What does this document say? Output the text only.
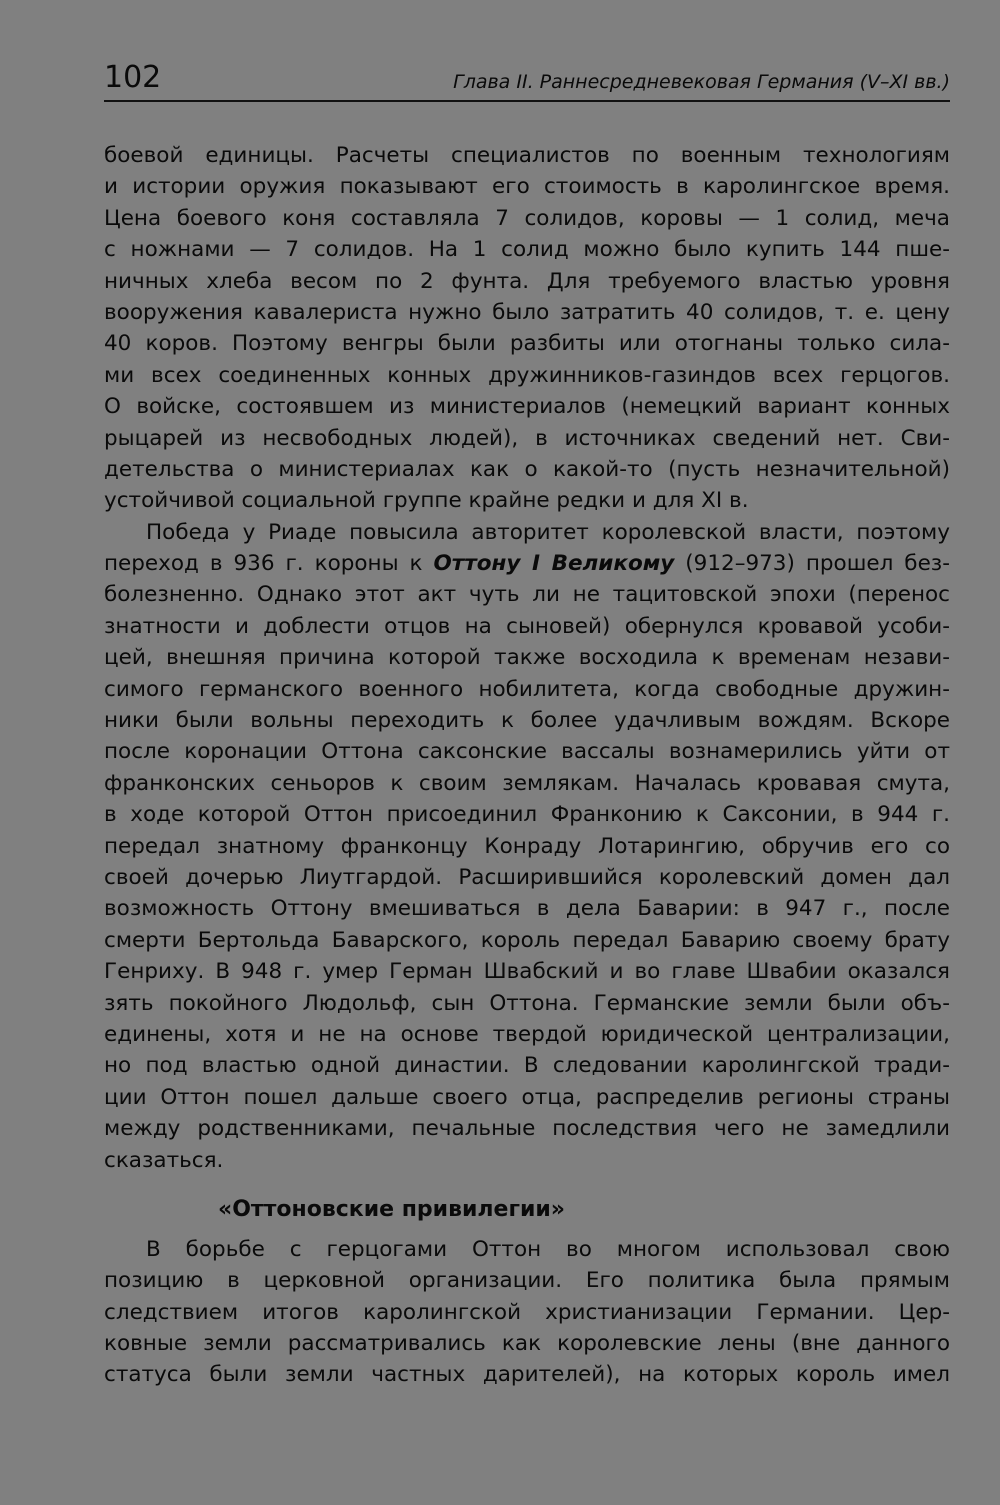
102	Глава II. Раннесредневековая Германия (V–XI вв.)
боевой единицы. Расчеты специалистов по военным технологиям
и истории оружия показывают его стоимость в каролингское время.
Цена боевого коня составляла 7 солидов, коровы — 1 солид, меча
с ножнами — 7 солидов. На 1 солид можно было купить 144 пше-
ничных хлеба весом по 2 фунта. Для требуемого властью уровня
вооружения кавалериста нужно было затратить 40 солидов, т. е. цену
40 коров. Поэтому венгры были разбиты или отогнаны только сила-
ми всех соединенных конных дружинников-газиндов всех герцогов.
О войске, состоявшем из министериалов (немецкий вариант конных
рыцарей из несвободных людей), в источниках сведений нет. Сви-
детельства о министериалах как о какой-то (пусть незначительной)
устойчивой социальной группе крайне редки и для XI в.
Победа у Риаде повысила авторитет королевской власти, поэтому
переход в 936 г. короны к Оттону I Великому (912–973) прошел без-
болезненно. Однако этот акт чуть ли не тацитовской эпохи (перенос
знатности и доблести отцов на сыновей) обернулся кровавой усоби-
цей, внешняя причина которой также восходила к временам незави-
симого германского военного нобилитета, когда свободные дружин-
ники были вольны переходить к более удачливым вождям. Вскоре
после коронации Оттона саксонские вассалы вознамерились уйти от
франконских сеньоров к своим землякам. Началась кровавая смута,
в ходе которой Оттон присоединил Франконию к Саксонии, в 944 г.
передал знатному франконцу Конраду Лотарингию, обручив его со
своей дочерью Лиутгардой. Расширившийся королевский домен дал
возможность Оттону вмешиваться в дела Баварии: в 947 г., после
смерти Бертольда Баварского, король передал Баварию своему брату
Генриху. В 948 г. умер Герман Швабский и во главе Швабии оказался
зять покойного Людольф, сын Оттона. Германские земли были объ-
единены, хотя и не на основе твердой юридической централизации,
но под властью одной династии. В следовании каролингской тради-
ции Оттон пошел дальше своего отца, распределив регионы страны
между родственниками, печальные последствия чего не замедлили
сказаться.
«Оттоновские привилегии»
В борьбе с герцогами Оттон во многом использовал свою
позицию в церковной организации. Его политика была прямым
следствием итогов каролингской христианизации Германии. Цер-
ковные земли рассматривались как королевские лены (вне данного
статуса были земли частных дарителей), на которых король имел
